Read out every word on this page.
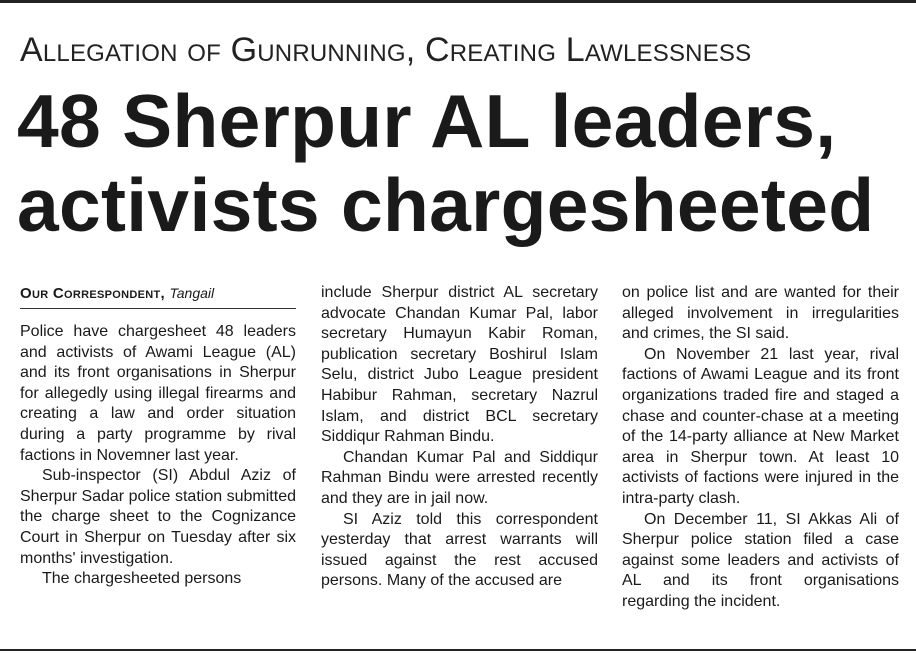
Allegation of Gunrunning, Creating Lawlessness
48 Sherpur AL leaders,
activists chargesheeted
Our Correspondent, Tangail

Police have chargesheet 48 leaders and activists of Awami League (AL) and its front organisations in Sherpur for allegedly using illegal firearms and creating a law and order situation during a party programme by rival factions in Novemner last year.

Sub-inspector (SI) Abdul Aziz of Sherpur Sadar police station submitted the charge sheet to the Cognizance Court in Sherpur on Tuesday after six months' investigation.

The chargesheeted persons

include Sherpur district AL secretary advocate Chandan Kumar Pal, labor secretary Humayun Kabir Roman, publication secretary Boshirul Islam Selu, district Jubo League president Habibur Rahman, secretary Nazrul Islam, and district BCL secretary Siddiqur Rahman Bindu.

Chandan Kumar Pal and Siddiqur Rahman Bindu were arrested recently and they are in jail now.

SI Aziz told this correspondent yesterday that arrest warrants will issued against the rest accused persons. Many of the accused are

on police list and are wanted for their alleged involvement in irregularities and crimes, the SI said.

On November 21 last year, rival factions of Awami League and its front organizations traded fire and staged a chase and counter-chase at a meeting of the 14-party alliance at New Market area in Sherpur town. At least 10 activists of factions were injured in the intra-party clash.

On December 11, SI Akkas Ali of Sherpur police station filed a case against some leaders and activists of AL and its front organisations regarding the incident.
